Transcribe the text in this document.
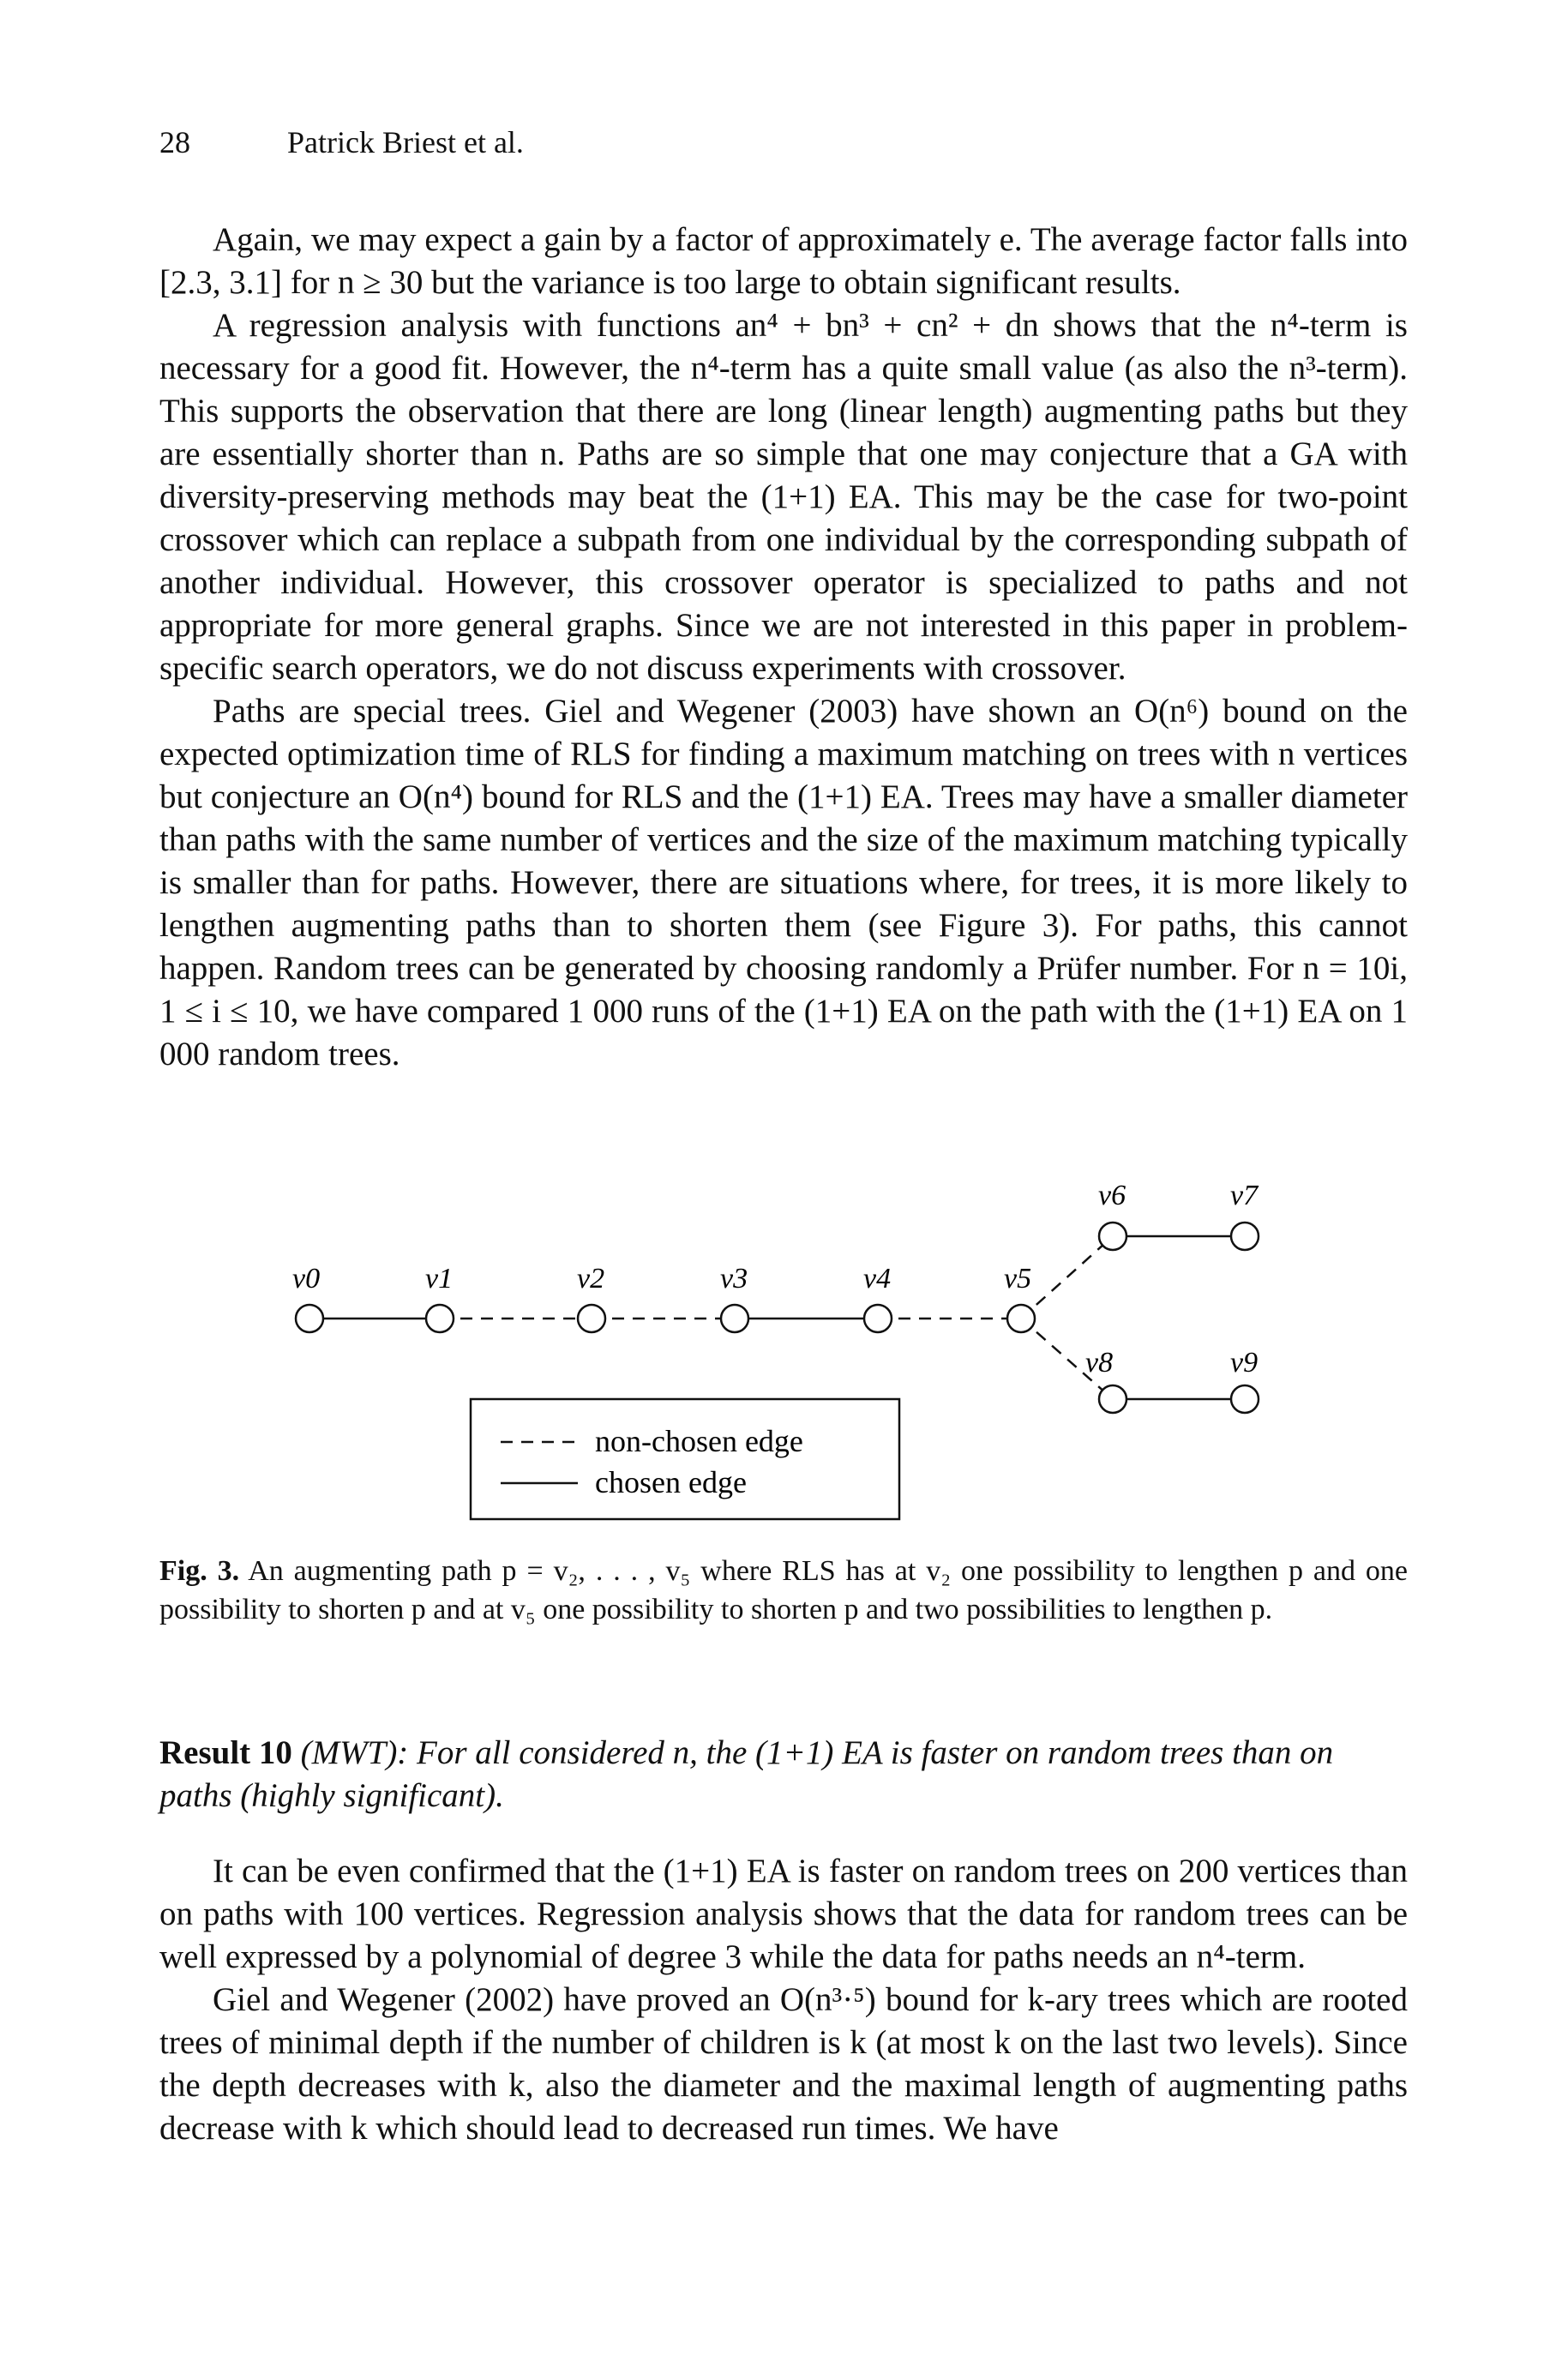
28	Patrick Briest et al.

Again, we may expect a gain by a factor of approximately e. The average factor falls into [2.3, 3.1] for n ≥ 30 but the variance is too large to obtain significant results.

A regression analysis with functions an⁴ + bn³ + cn² + dn shows that the n⁴-term is necessary for a good fit. However, the n⁴-term has a quite small value (as also the n³-term). This supports the observation that there are long (linear length) augmenting paths but they are essentially shorter than n. Paths are so simple that one may conjecture that a GA with diversity-preserving methods may beat the (1+1) EA. This may be the case for two-point crossover which can replace a subpath from one individual by the corresponding subpath of another individual. However, this crossover operator is specialized to paths and not appropriate for more general graphs. Since we are not interested in this paper in problem-specific search operators, we do not discuss experiments with crossover.

Paths are special trees. Giel and Wegener (2003) have shown an O(n⁶) bound on the expected optimization time of RLS for finding a maximum matching on trees with n vertices but conjecture an O(n⁴) bound for RLS and the (1+1) EA. Trees may have a smaller diameter than paths with the same number of vertices and the size of the maximum matching typically is smaller than for paths. However, there are situations where, for trees, it is more likely to lengthen augmenting paths than to shorten them (see Figure 3). For paths, this cannot happen. Random trees can be generated by choosing randomly a Prüfer number. For n = 10i, 1 ≤ i ≤ 10, we have compared 1 000 runs of the (1+1) EA on the path with the (1+1) EA on 1 000 random trees.

v0	v1	v2	v3	v4	v5
v6	v7
v8	v9
non-chosen edge
chosen edge
Fig. 3. An augmenting path p = v₂, . . . , v₅ where RLS has at v₂ one possibility to lengthen p and one possibility to shorten p and at v₅ one possibility to shorten p and two possibilities to lengthen p.
Result 10 (MWT): For all considered n, the (1+1) EA is faster on random trees than on paths (highly significant).

It can be even confirmed that the (1+1) EA is faster on random trees on 200 vertices than on paths with 100 vertices. Regression analysis shows that the data for random trees can be well expressed by a polynomial of degree 3 while the data for paths needs an n⁴-term.

Giel and Wegener (2002) have proved an O(n³·⁵) bound for k-ary trees which are rooted trees of minimal depth if the number of children is k (at most k on the last two levels). Since the depth decreases with k, also the diameter and the maximal length of augmenting paths decrease with k which should lead to decreased run times. We have
